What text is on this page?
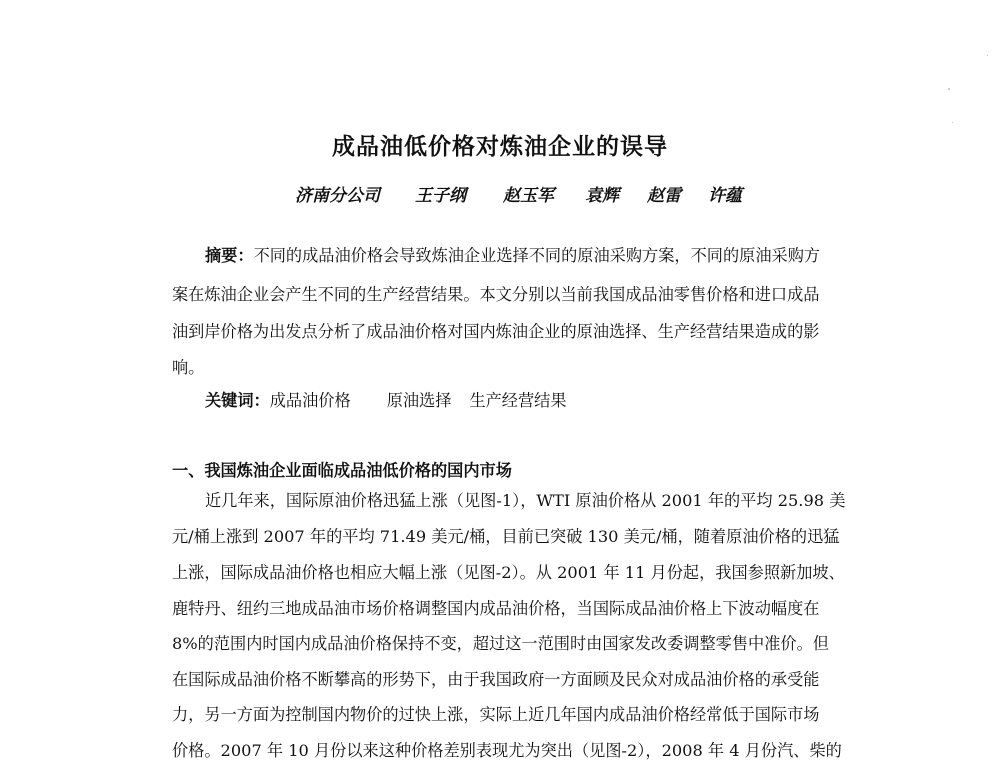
成品油低价格对炼油企业的误导
济南分公司 王子纲 赵玉军 袁辉 赵雷 许蕴
摘要：不同的成品油价格会导致炼油企业选择不同的原油采购方案，不同的原油采购方
案在炼油企业会产生不同的生产经营结果。本文分别以当前我国成品油零售价格和进口成品
油到岸价格为出发点分析了成品油价格对国内炼油企业的原油选择、生产经营结果造成的影
响。
关键词：成品油价格 原油选择 生产经营结果
一、我国炼油企业面临成品油低价格的国内市场
近几年来，国际原油价格迅猛上涨（见图-1），WTI 原油价格从 2001 年的平均 25.98 美
元/桶上涨到 2007 年的平均 71.49 美元/桶，目前已突破 130 美元/桶，随着原油价格的迅猛
上涨，国际成品油价格也相应大幅上涨（见图-2）。从 2001 年 11 月份起，我国参照新加坡、
鹿特丹、纽约三地成品油市场价格调整国内成品油价格，当国际成品油价格上下波动幅度在
8%的范围内时国内成品油价格保持不变，超过这一范围时由国家发改委调整零售中准价。但
在国际成品油价格不断攀高的形势下，由于我国政府一方面顾及民众对成品油价格的承受能
力，另一方面为控制国内物价的过快上涨，实际上近几年国内成品油价格经常低于国际市场
价格。2007 年 10 月份以来这种价格差别表现尤为突出（见图-2），2008 年 4 月份汽、柴的
